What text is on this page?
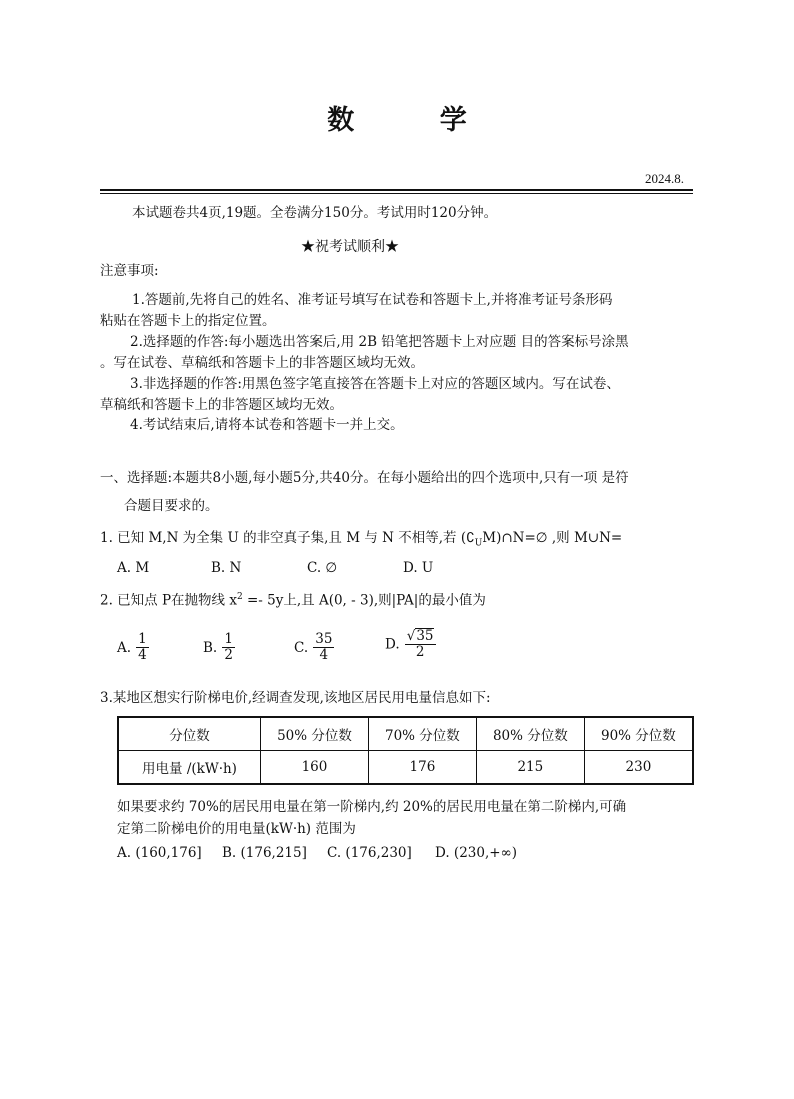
数 学
2024.8.
本试题卷共4页,19题。全卷满分150分。考试用时120分钟。
★祝考试顺利★
注意事项:
1.答题前,先将自己的姓名、准考证号填写在试卷和答题卡上,并将准考证号条形码
粘贴在答题卡上的指定位置。
2.选择题的作答:每小题选出答案后,用 2B 铅笔把答题卡上对应题 目的答案标号涂黑
。写在试卷、草稿纸和答题卡上的非答题区域均无效。
3.非选择题的作答:用黑色签字笔直接答在答题卡上对应的答题区域内。写在试卷、
草稿纸和答题卡上的非答题区域均无效。
4.考试结束后,请将本试卷和答题卡一并上交。
一、选择题:本题共8小题,每小题5分,共40分。在每小题给出的四个选项中,只有一项 是符
合题目要求的。
1. 已知 M,N 为全集 U 的非空真子集,且 M 与 N 不相等,若 $(∁_UM)\cap N=\emptyset$ ,则 M∪N=
A. M	B. N	C. ∅	D. U
2. 已知点 P在抛物线 $x^2 =- 5y$上,且 A(0, - 3),则|PA|的最小值为
A. $\frac{1}{4}$	B. $\frac{1}{2}$	C. $\frac{35}{4}$	D. $\frac{√35}{2}$
3.某地区想实行阶梯电价,经调查发现,该地区居民用电量信息如下:
分位数	50% 分位数	70% 分位数	80% 分位数	90% 分位数
用电量 /(kW·h)	160	176	215	230
如果要求约 70%的居民用电量在第一阶梯内,约 20%的居民用电量在第二阶梯内,可确
定第二阶梯电价的用电量(kW·h) 范围为
A. (160,176] B. (176,215] C. (176,230] D. (230,+∞)
